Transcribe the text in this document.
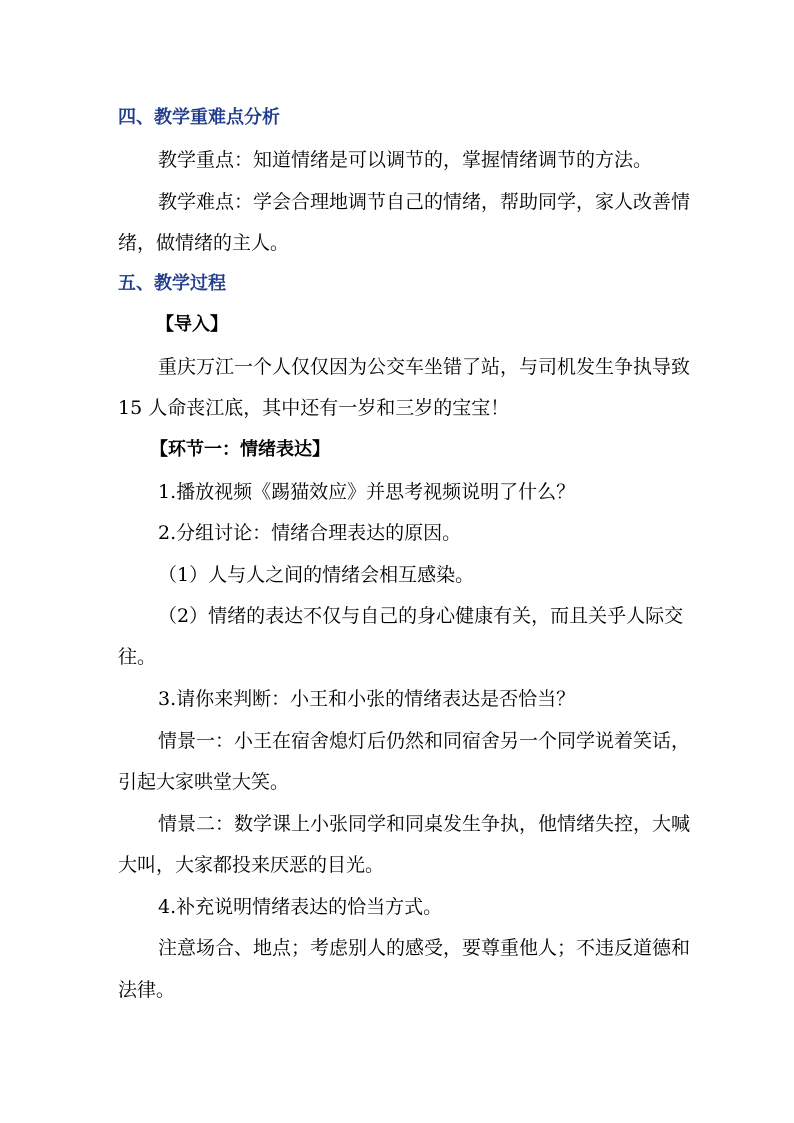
四、教学重难点分析
教学重点：知道情绪是可以调节的，掌握情绪调节的方法。
教学难点：学会合理地调节自己的情绪，帮助同学，家人改善情
绪，做情绪的主人。
五、教学过程
【导入】
重庆万江一个人仅仅因为公交车坐错了站，与司机发生争执导致
15 人命丧江底，其中还有一岁和三岁的宝宝！
【环节一：情绪表达】
1.播放视频《踢猫效应》并思考视频说明了什么？
2.分组讨论：情绪合理表达的原因。
（1）人与人之间的情绪会相互感染。
（2）情绪的表达不仅与自己的身心健康有关，而且关乎人际交
往。
3.请你来判断：小王和小张的情绪表达是否恰当？
情景一：小王在宿舍熄灯后仍然和同宿舍另一个同学说着笑话，
引起大家哄堂大笑。
情景二：数学课上小张同学和同桌发生争执，他情绪失控，大喊
大叫，大家都投来厌恶的目光。
4.补充说明情绪表达的恰当方式。
注意场合、地点；考虑别人的感受，要尊重他人；不违反道德和
法律。
